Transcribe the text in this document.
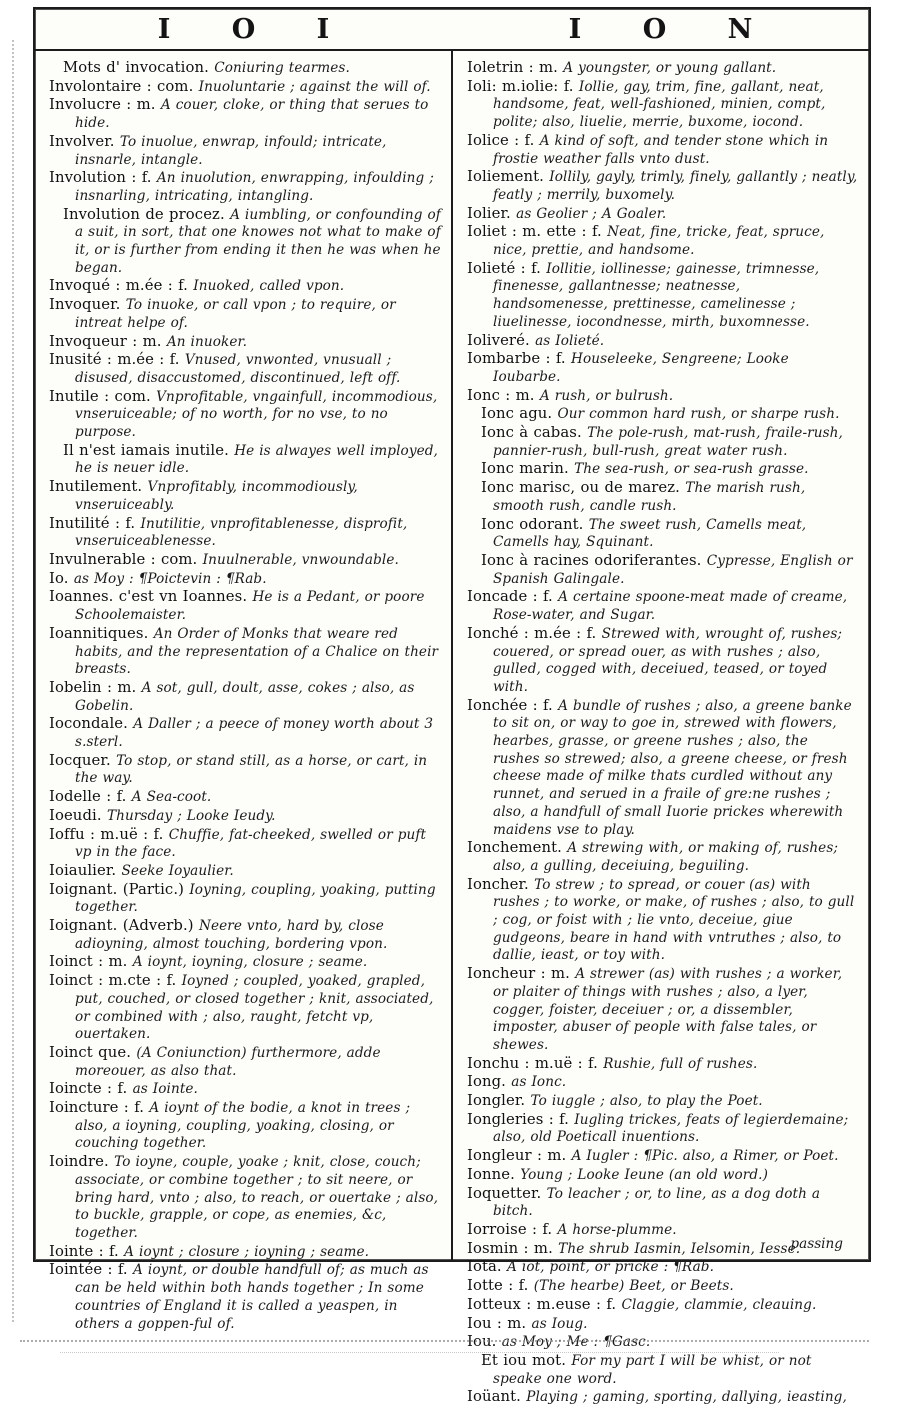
I O I	I O N

Mots d' invocation. Coniuring tearmes.

Involontaire : com. Inuoluntarie ; against the will of.

Involucre : m. A couer, cloke, or thing that serues to hide.

Involver. To inuolue, enwrap, infould; intricate, insnarle, intangle.

Involution : f. An inuolution, enwrapping, infoulding ; insnarling, intricating, intangling.

Involution de procez. A iumbling, or confounding of a suit, in sort, that one knowes not what to make of it, or is further from ending it then he was when he began.

Invoqué : m.ée : f. Inuoked, called vpon.

Invoquer. To inuoke, or call vpon ; to require, or intreat helpe of.

Invoqueur : m. An inuoker.

Inusité : m.ée : f. Vnused, vnwonted, vnusuall ; disused, disaccustomed, discontinued, left off.

Inutile : com. Vnprofitable, vngainfull, incommodious, vnseruiceable; of no worth, for no vse, to no purpose.

Il n'est iamais inutile. He is alwayes well imployed, he is neuer idle.

Inutilement. Vnprofitably, incommodiously, vnseruiceably.

Inutilité : f. Inutilitie, vnprofitablenesse, disprofit, vnseruiceablenesse.

Invulnerable : com. Inuulnerable, vnwoundable.

Io. as Moy : ¶Poictevin : ¶Rab.

Ioannes. c'est vn Ioannes. He is a Pedant, or poore Schoolemaister.

Ioannitiques. An Order of Monks that weare red habits, and the representation of a Chalice on their breasts.

Iobelin : m. A sot, gull, doult, asse, cokes ; also, as Gobelin.

Iocondale. A Daller ; a peece of money worth about 3 s.sterl.

Iocquer. To stop, or stand still, as a horse, or cart, in the way.

Iodelle : f. A Sea-coot.

Ioeudi. Thursday ; Looke Ieudy.

Ioffu : m.uë : f. Chuffie, fat-cheeked, swelled or puft vp in the face.

Ioiaulier. Seeke Ioyaulier.

Ioignant. (Partic.) Ioyning, coupling, yoaking, putting together.

Ioignant. (Adverb.) Neere vnto, hard by, close adioyning, almost touching, bordering vpon.

Ioinct : m. A ioynt, ioyning, closure ; seame.

Ioinct : m.cte : f. Ioyned ; coupled, yoaked, grapled, put, couched, or closed together ; knit, associated, or combined with ; also, raught, fetcht vp, ouertaken.

Ioinct que. (A Coniunction) furthermore, adde moreouer, as also that.

Ioincte : f. as Iointe.

Ioincture : f. A ioynt of the bodie, a knot in trees ; also, a ioyning, coupling, yoaking, closing, or couching together.

Ioindre. To ioyne, couple, yoake ; knit, close, couch; associate, or combine together ; to sit neere, or bring hard, vnto ; also, to reach, or ouertake ; also, to buckle, grapple, or cope, as enemies, &c, together.

Iointe : f. A ioynt ; closure ; ioyning ; seame.

Iointée : f. A ioynt, or double handfull of; as much as can be held within both hands together ; In some countries of England it is called a yeaspen, in others a goppen-ful of.

Ioletrin : m. A youngster, or young gallant.

Ioli: m.iolie: f. Iollie, gay, trim, fine, gallant, neat, handsome, feat, well-fashioned, minien, compt, polite; also, liuelie, merrie, buxome, iocond.

Iolice : f. A kind of soft, and tender stone which in frostie weather falls vnto dust.

Ioliement. Iollily, gayly, trimly, finely, gallantly ; neatly, featly ; merrily, buxomely.

Iolier. as Geolier ; A Goaler.

Ioliet : m. ette : f. Neat, fine, tricke, feat, spruce, nice, prettie, and handsome.

Iolieté : f. Iollitie, iollinesse; gainesse, trimnesse, finenesse, gallantnesse; neatnesse, handsomenesse, prettinesse, camelinesse ; liuelinesse, iocondnesse, mirth, buxomnesse.

Ioliveré. as Iolieté.

Iombarbe : f. Houseleeke, Sengreene; Looke Ioubarbe.

Ionc : m. A rush, or bulrush.

Ionc agu. Our common hard rush, or sharpe rush.

Ionc à cabas. The pole-rush, mat-rush, fraile-rush, pannier-rush, bull-rush, great water rush.

Ionc marin. The sea-rush, or sea-rush grasse.

Ionc marisc, ou de marez. The marish rush, smooth rush, candle rush.

Ionc odorant. The sweet rush, Camells meat, Camells hay, Squinant.

Ionc à racines odoriferantes. Cypresse, English or Spanish Galingale.

Ioncade : f. A certaine spoone-meat made of creame, Rose-water, and Sugar.

Ionché : m.ée : f. Strewed with, wrought of, rushes; couered, or spread ouer, as with rushes ; also, gulled, cogged with, deceiued, teased, or toyed with.

Ionchée : f. A bundle of rushes ; also, a greene banke to sit on, or way to goe in, strewed with flowers, hearbes, grasse, or greene rushes ; also, the rushes so strewed; also, a greene cheese, or fresh cheese made of milke thats curdled without any runnet, and serued in a fraile of gre:ne rushes ; also, a handfull of small Iuorie prickes wherewith maidens vse to play.

Ionchement. A strewing with, or making of, rushes; also, a gulling, deceiuing, beguiling.

Ioncher. To strew ; to spread, or couer (as) with rushes ; to worke, or make, of rushes ; also, to gull ; cog, or foist with ; lie vnto, deceiue, giue gudgeons, beare in hand with vntruthes ; also, to dallie, ieast, or toy with.

Ioncheur : m. A strewer (as) with rushes ; a worker, or plaiter of things with rushes ; also, a lyer, cogger, foister, deceiuer ; or, a dissembler, imposter, abuser of people with false tales, or shewes.

Ionchu : m.uë : f. Rushie, full of rushes.

Iong. as Ionc.

Iongler. To iuggle ; also, to play the Poet.

Iongleries : f. Iugling trickes, feats of legierdemaine; also, old Poeticall inuentions.

Iongleur : m. A Iugler : ¶Pic. also, a Rimer, or Poet.

Ionne. Young ; Looke Ieune (an old word.)

Ioquetter. To leacher ; or, to line, as a dog doth a bitch.

Iorroise : f. A horse-plumme.

Iosmin : m. The shrub Iasmin, Ielsomin, Iesse.

Iota. A iot, point, or pricke : ¶Rab.

Iotte : f. (The hearbe) Beet, or Beets.

Iotteux : m.euse : f. Claggie, clammie, cleauing.

Iou : m. as Ioug.

Iou. as Moy ; Me : ¶Gasc.

Et iou mot. For my part I will be whist, or not speake one word.

Ioüant. Playing ; gaming, sporting, dallying, ieasting,

passing
